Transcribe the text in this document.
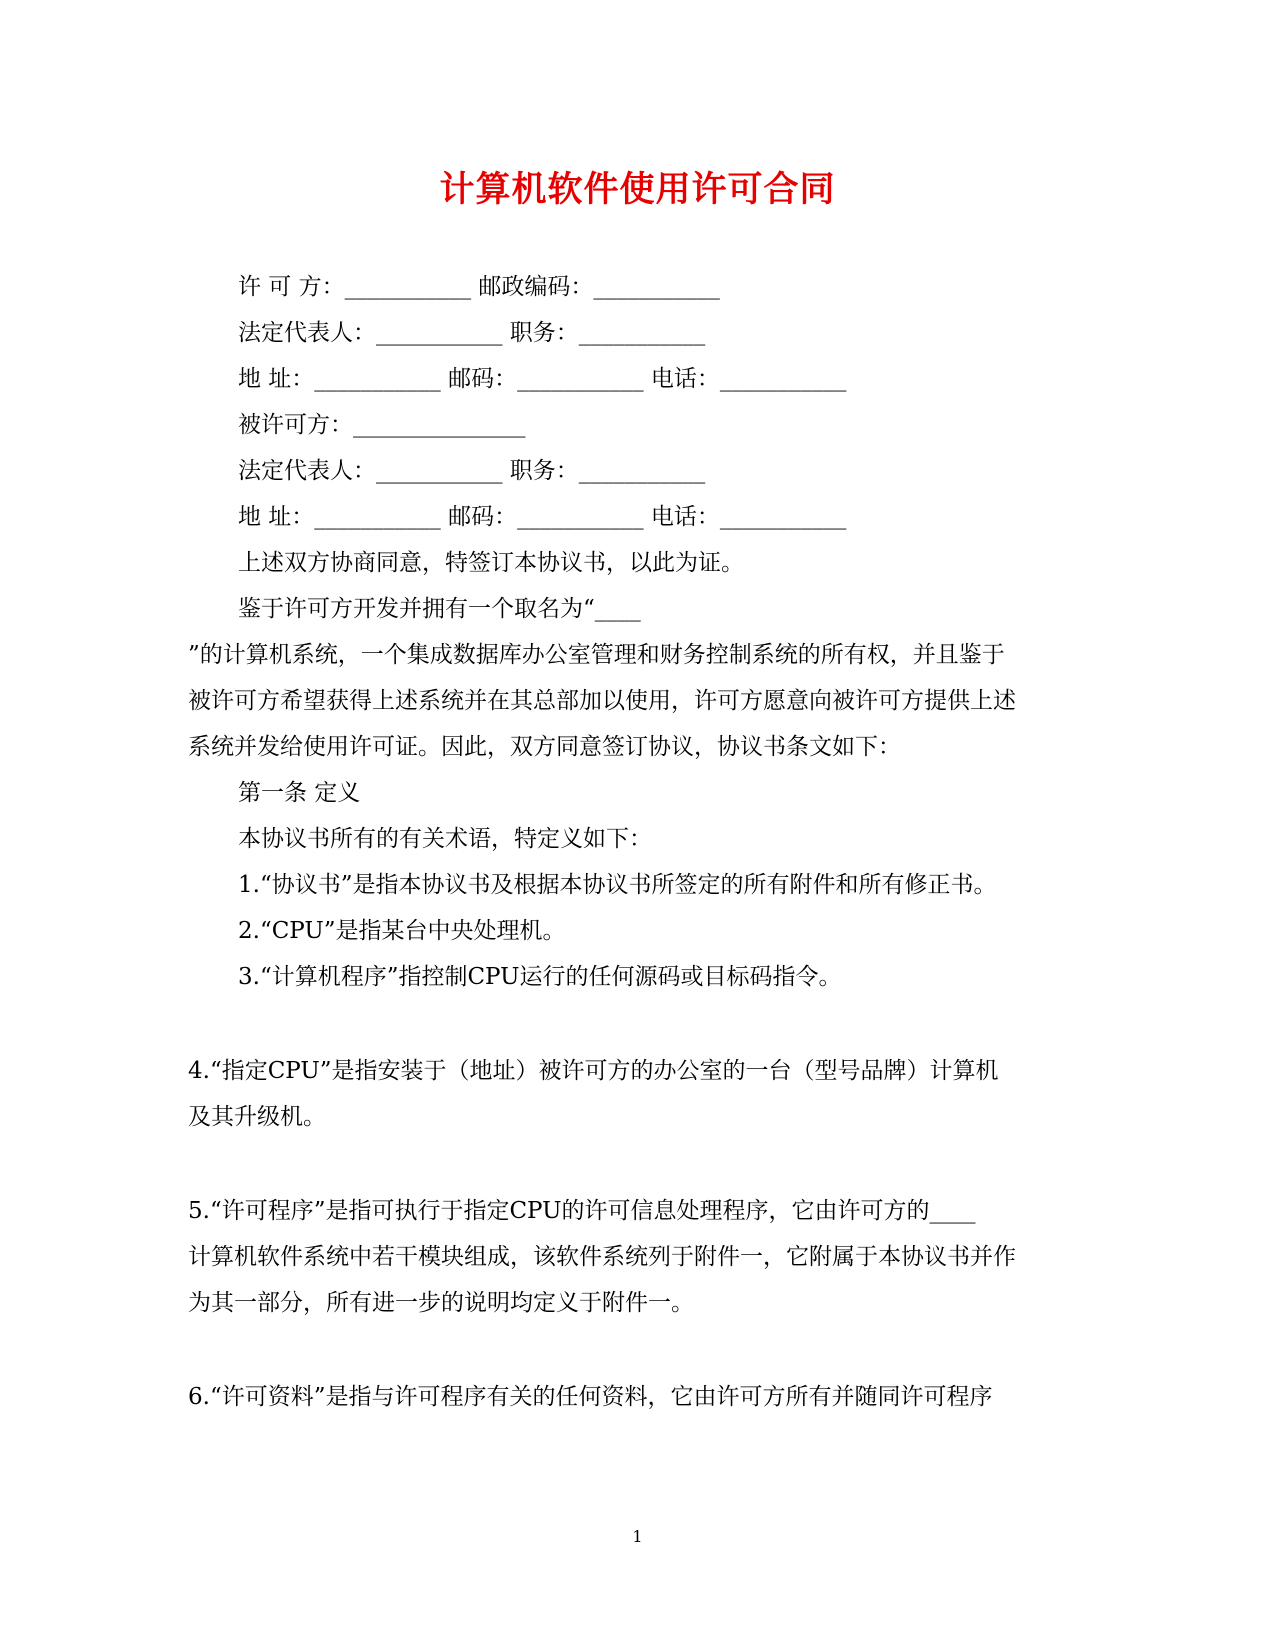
计算机软件使用许可合同
许 可 方：___________ 邮政编码：___________
法定代表人：___________ 职务：___________
地 址：___________ 邮码：___________ 电话：___________
被许可方：_______________
法定代表人：___________ 职务：___________
地 址：___________ 邮码：___________ 电话：___________
上述双方协商同意，特签订本协议书，以此为证。
鉴于许可方开发并拥有一个取名为“____
”的计算机系统，一个集成数据库办公室管理和财务控制系统的所有权，并且鉴于
被许可方希望获得上述系统并在其总部加以使用，许可方愿意向被许可方提供上述
系统并发给使用许可证。因此，双方同意签订协议，协议书条文如下：
第一条 定义
本协议书所有的有关术语，特定义如下：
1.“协议书”是指本协议书及根据本协议书所签定的所有附件和所有修正书。
2.“CPU”是指某台中央处理机。
3.“计算机程序”指控制CPU运行的任何源码或目标码指令。
4.“指定CPU”是指安装于（地址）被许可方的办公室的一台（型号品牌）计算机
及其升级机。
5.“许可程序”是指可执行于指定CPU的许可信息处理程序，它由许可方的____
计算机软件系统中若干模块组成，该软件系统列于附件一，它附属于本协议书并作
为其一部分，所有进一步的说明均定义于附件一。
6.“许可资料”是指与许可程序有关的任何资料，它由许可方所有并随同许可程序
1
